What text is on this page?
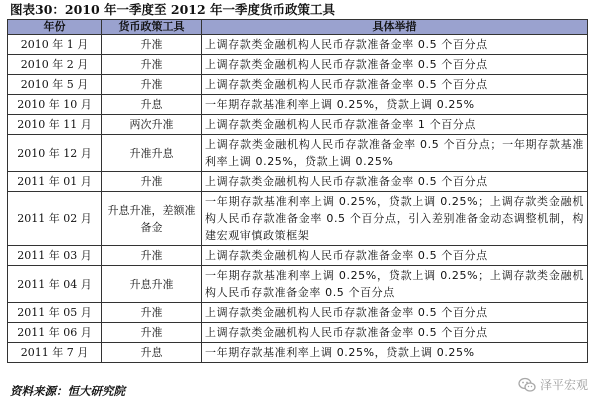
图表30：2010 年一季度至 2012 年一季度货币政策工具
年份	货币政策工具	具体举措
2010 年 1 月	升准	上调存款类金融机构人民币存款准备金率 0.5 个百分点
2010 年 2 月	升准	上调存款类金融机构人民币存款准备金率 0.5 个百分点
2010 年 5 月	升准	上调存款类金融机构人民币存款准备金率 0.5 个百分点
2010 年 10 月	升息	一年期存款基准利率上调 0.25%，贷款上调 0.25%
2010 年 11 月	两次升准	上调存款类金融机构人民币存款准备金率 1 个百分点
2010 年 12 月	升准升息	上调存款类金融机构人民币存款准备金率 0.5 个百分点；一年期存款基准利率上调 0.25%，贷款上调 0.25%
2011 年 01 月	升准	上调存款类金融机构人民币存款准备金率 0.5 个百分点
2011 年 02 月	升息升准，差额准备金	一年期存款基准利率上调 0.25%，贷款上调 0.25%；上调存款类金融机构人民币存款准备金率 0.5 个百分点，引入差别准备金动态调整机制，构建宏观审慎政策框架
2011 年 03 月	升准	上调存款类金融机构人民币存款准备金率 0.5 个百分点
2011 年 04 月	升息升准	一年期存款基准利率上调 0.25%，贷款上调 0.25%；上调存款类金融机构人民币存款准备金率 0.5 个百分点
2011 年 05 月	升准	上调存款类金融机构人民币存款准备金率 0.5 个百分点
2011 年 06 月	升准	上调存款类金融机构人民币存款准备金率 0.5 个百分点
2011 年 7 月	升息	一年期存款基准利率上调 0.25%，贷款上调 0.25%
资料来源：恒大研究院	泽平宏观
